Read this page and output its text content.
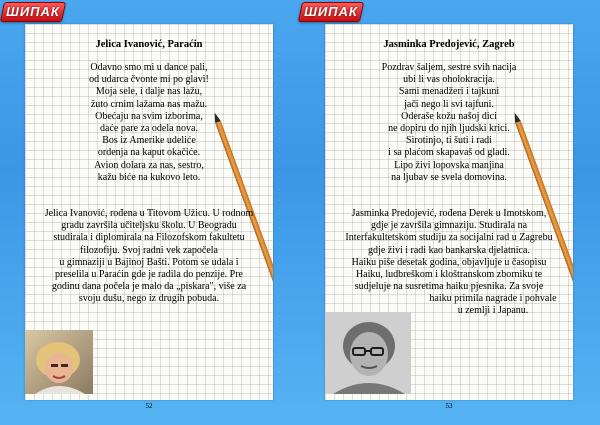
ШИПАК	ШИПАК
Jelica Ivanović, Paraćin
Odavno smo mi u dance pali,
od udarca čvonte mi po glavi!
Moja sele, i dalje nas lažu,
žuto crnim lažama nas mažu.
Obećaju na svim izborima,
daće pare za odela nova.
Bos iz Amerike udeliće
ordenja na kaput okačiće.
Avion dolara za nas, sestro,
kažu biće na kukovo leto.
Jelica Ivanović, rođena u Titovom Užicu. U rodnom
gradu završila učiteljsku školu. U Beogradu
studirala i diplomirala na Filozofskom fakultetu
filozofiju. Svoj radni vek započela
u gimnaziji u Bajinoj Bašti. Potom se udala i
preselila u Paraćin gde je radila do penzije. Pre
godinu dana počela je malo da „piskara", više za
svoju dušu, nego iz drugih pobuda.
52
Jasminka Predojević, Zagreb
Pozdrav šaljem, sestre svih nacija
ubi li vas oholokracija.
Sami menadžeri i tajkuni
jači nego li svi tajfuni.
Oderaše kožu našoj dici
ne dopiru do njih ljudski krici.
Sirotinjo, ti šuti i radi
i sa plaćom skapavaš od gladi.
Lipo živi lopovska manjina
na ljubav se svela domovina.
Jasminka Predojević, rođena Derek u Imotskom,
gdje je završila gimnaziju. Studirala na
Interfakultetskom studiju za socijalni rad u Zagrebu
gdje živi i radi kao bankarska djelatnica.
Haiku piše desetak godina, objavljuje u časopisu
Haiku, ludbreškom i kloštranskom zborniku te
sudjeluje na susretima haiku pjesnika. Za svoje
haiku primila nagrade i pohvale
u zemlji i Japanu.
53
